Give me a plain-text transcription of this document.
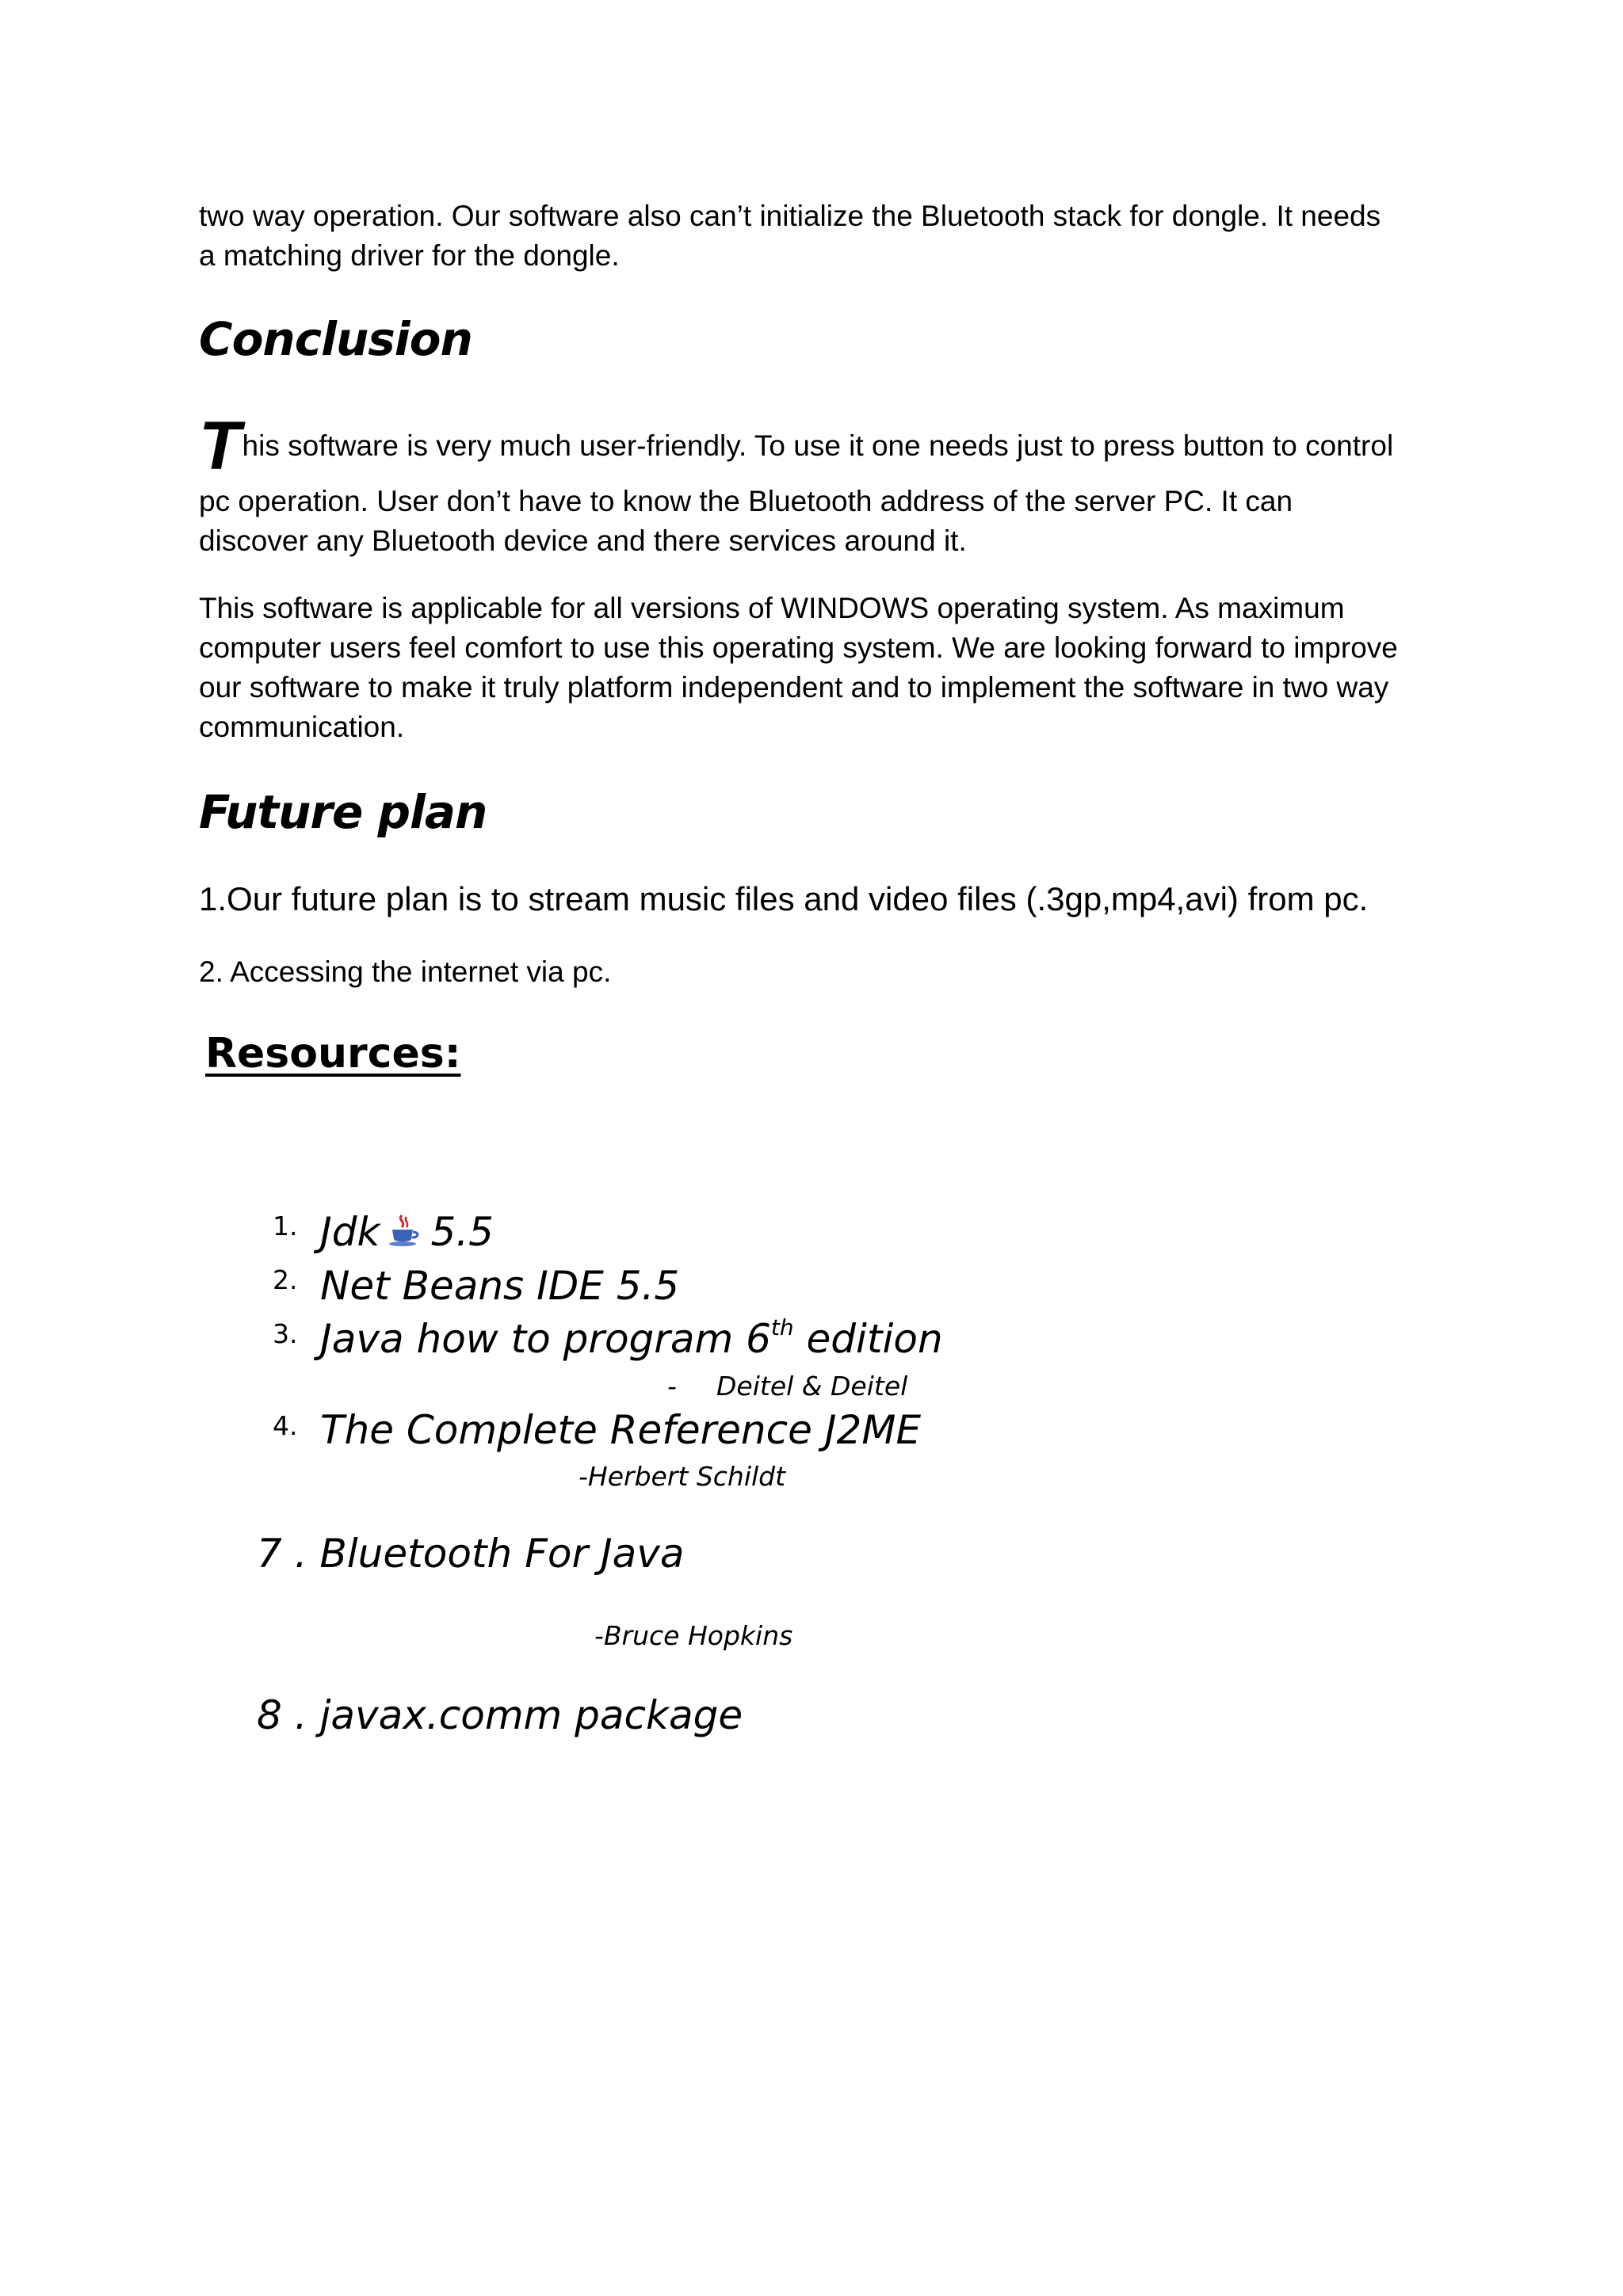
two way operation. Our software also can’t initialize the Bluetooth stack for dongle. It needs
a matching driver for the dongle.
Conclusion
This software is very much user-friendly. To use it one needs just to press button to control
pc operation. User don’t have to know the Bluetooth address of the server PC. It can
discover any Bluetooth device and there services around it.
This software is applicable for all versions of WINDOWS operating system. As maximum
computer users feel comfort to use this operating system. We are looking forward to improve
our software to make it truly platform independent and to implement the software in two way
communication.
Future plan
1.Our future plan is to stream music files and video files (.3gp,mp4,avi) from pc.
2. Accessing the internet via pc.
Resources:
1. Jdk 5.5
2. Net Beans IDE 5.5
3. Java how to program 6th edition
- Deitel & Deitel
4. The Complete Reference J2ME
-Herbert Schildt
7 . Bluetooth For Java
-Bruce Hopkins
8 . javax.comm package
